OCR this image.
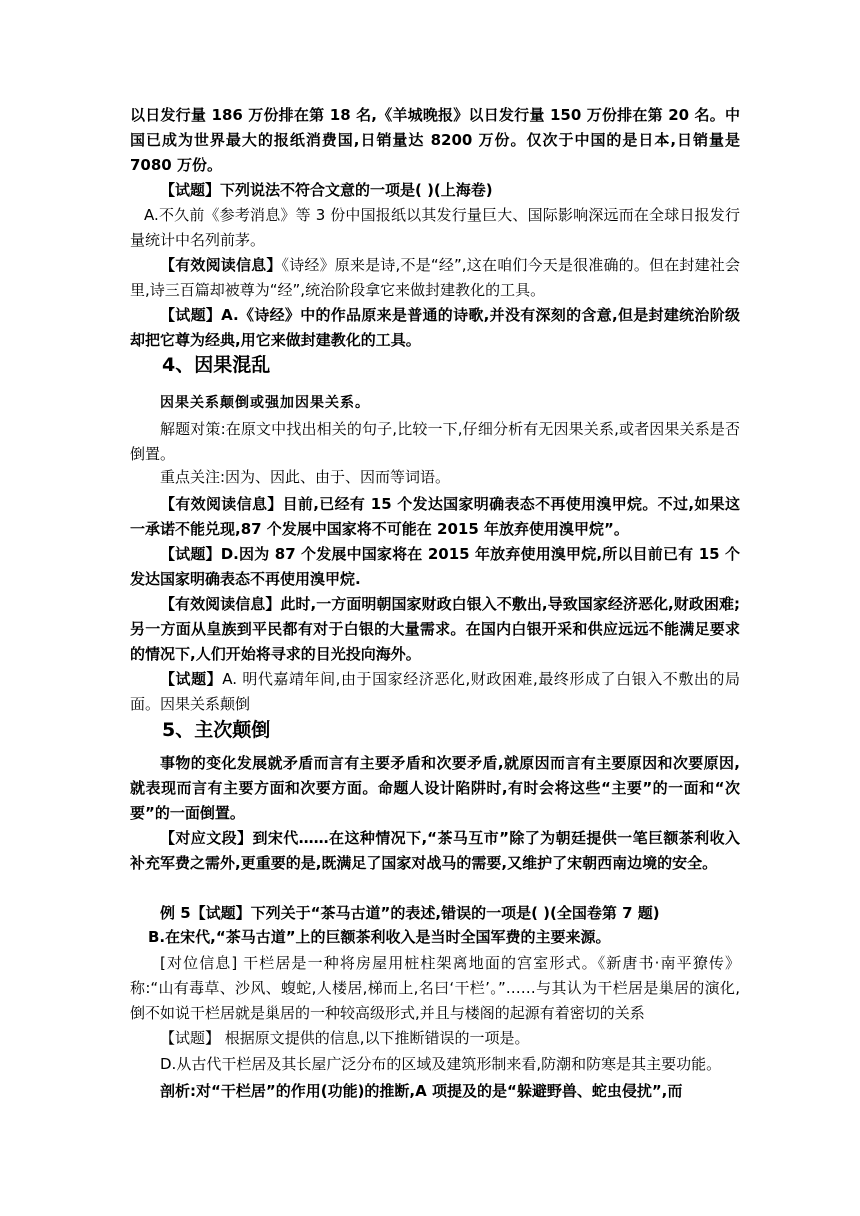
以日发行量 186 万份排在第 18 名,《羊城晚报》以日发行量 150 万份排在第 20 名。中国已成为世界最大的报纸消费国,日销量达 8200 万份。仅次于中国的是日本,日销量是 7080 万份。

【试题】下列说法不符合文意的一项是( )(上海卷)

A.不久前《参考消息》等 3 份中国报纸以其发行量巨大、国际影响深远而在全球日报发行量统计中名列前茅。

【有效阅读信息】《诗经》原来是诗,不是“经”,这在咱们今天是很准确的。但在封建社会里,诗三百篇却被尊为“经”,统治阶段拿它来做封建教化的工具。

【试题】A.《诗经》中的作品原来是普通的诗歌,并没有深刻的含意,但是封建统治阶级却把它尊为经典,用它来做封建教化的工具。

4、因果混乱

因果关系颠倒或强加因果关系。

解题对策:在原文中找出相关的句子,比较一下,仔细分析有无因果关系,或者因果关系是否倒置。

重点关注:因为、因此、由于、因而等词语。

【有效阅读信息】目前,已经有 15 个发达国家明确表态不再使用溴甲烷。不过,如果这一承诺不能兑现,87 个发展中国家将不可能在 2015 年放弃使用溴甲烷”。

【试题】D.因为 87 个发展中国家将在 2015 年放弃使用溴甲烷,所以目前已有 15 个发达国家明确表态不再使用溴甲烷.

【有效阅读信息】此时,一方面明朝国家财政白银入不敷出,导致国家经济恶化,财政困难;另一方面从皇族到平民都有对于白银的大量需求。在国内白银开采和供应远远不能满足要求的情况下,人们开始将寻求的目光投向海外。

【试题】A. 明代嘉靖年间,由于国家经济恶化,财政困难,最终形成了白银入不敷出的局面。因果关系颠倒

5、主次颠倒

事物的变化发展就矛盾而言有主要矛盾和次要矛盾,就原因而言有主要原因和次要原因,就表现而言有主要方面和次要方面。命题人设计陷阱时,有时会将这些“主要”的一面和“次要”的一面倒置。

【对应文段】到宋代……在这种情况下,“茶马互市”除了为朝廷提供一笔巨额茶利收入补充军费之需外,更重要的是,既满足了国家对战马的需要,又维护了宋朝西南边境的安全。

例 5【试题】下列关于“茶马古道”的表述,错误的一项是( )(全国卷第 7 题)

B.在宋代,“茶马古道”上的巨额茶利收入是当时全国军费的主要来源。

[对位信息] 干栏居是一种将房屋用桩柱架离地面的宫室形式。《新唐书·南平獠传》称:“山有毒草、沙风、蝮蛇,人楼居,梯而上,名曰‘干栏’。”……与其认为干栏居是巢居的演化,倒不如说干栏居就是巢居的一种较高级形式,并且与楼阁的起源有着密切的关系

【试题】 根据原文提供的信息,以下推断错误的一项是。

D.从古代干栏居及其长屋广泛分布的区域及建筑形制来看,防潮和防寒是其主要功能。

剖析:对“干栏居”的作用(功能)的推断,A 项提及的是“躲避野兽、蛇虫侵扰”,而
